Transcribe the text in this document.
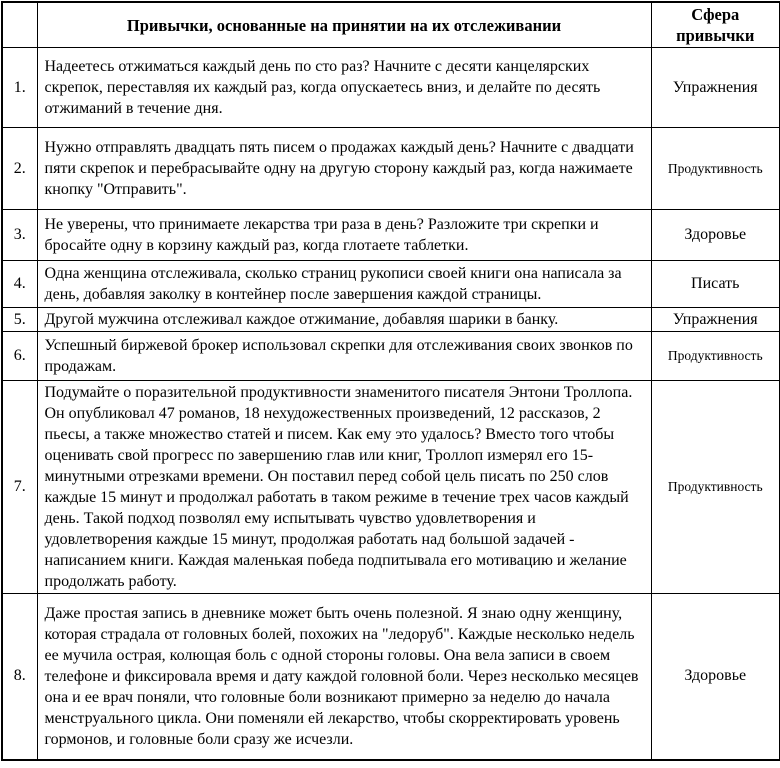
	Привычки, основанные на принятии на их отслеживании	Сфера привычки
1.	Надеетесь отжиматься каждый день по сто раз? Начните с десяти канцелярских скрепок, переставляя их каждый раз, когда опускаетесь вниз, и делайте по десять отжиманий в течение дня.	Упражнения
2.	Нужно отправлять двадцать пять писем о продажах каждый день? Начните с двадцати пяти скрепок и перебрасывайте одну на другую сторону каждый раз, когда нажимаете кнопку "Отправить".	Продуктивность
3.	Не уверены, что принимаете лекарства три раза в день? Разложите три скрепки и бросайте одну в корзину каждый раз, когда глотаете таблетки.	Здоровье
4.	Одна женщина отслеживала, сколько страниц рукописи своей книги она написала за день, добавляя заколку в контейнер после завершения каждой страницы.	Писать
5.	Другой мужчина отслеживал каждое отжимание, добавляя шарики в банку.	Упражнения
6.	Успешный биржевой брокер использовал скрепки для отслеживания своих звонков по продажам.	Продуктивность
7.	Подумайте о поразительной продуктивности знаменитого писателя Энтони Троллопа. Он опубликовал 47 романов, 18 нехудожественных произведений, 12 рассказов, 2 пьесы, а также множество статей и писем. Как ему это удалось? Вместо того чтобы оценивать свой прогресс по завершению глав или книг, Троллоп измерял его 15-минутными отрезками времени. Он поставил перед собой цель писать по 250 слов каждые 15 минут и продолжал работать в таком режиме в течение трех часов каждый день. Такой подход позволял ему испытывать чувство удовлетворения и удовлетворения каждые 15 минут, продолжая работать над большой задачей - написанием книги. Каждая маленькая победа подпитывала его мотивацию и желание продолжать работу.	Продуктивность
8.	Даже простая запись в дневнике может быть очень полезной. Я знаю одну женщину, которая страдала от головных болей, похожих на "ледоруб". Каждые несколько недель ее мучила острая, колющая боль с одной стороны головы. Она вела записи в своем телефоне и фиксировала время и дату каждой головной боли. Через несколько месяцев она и ее врач поняли, что головные боли возникают примерно за неделю до начала менструального цикла. Они поменяли ей лекарство, чтобы скорректировать уровень гормонов, и головные боли сразу же исчезли.	Здоровье
